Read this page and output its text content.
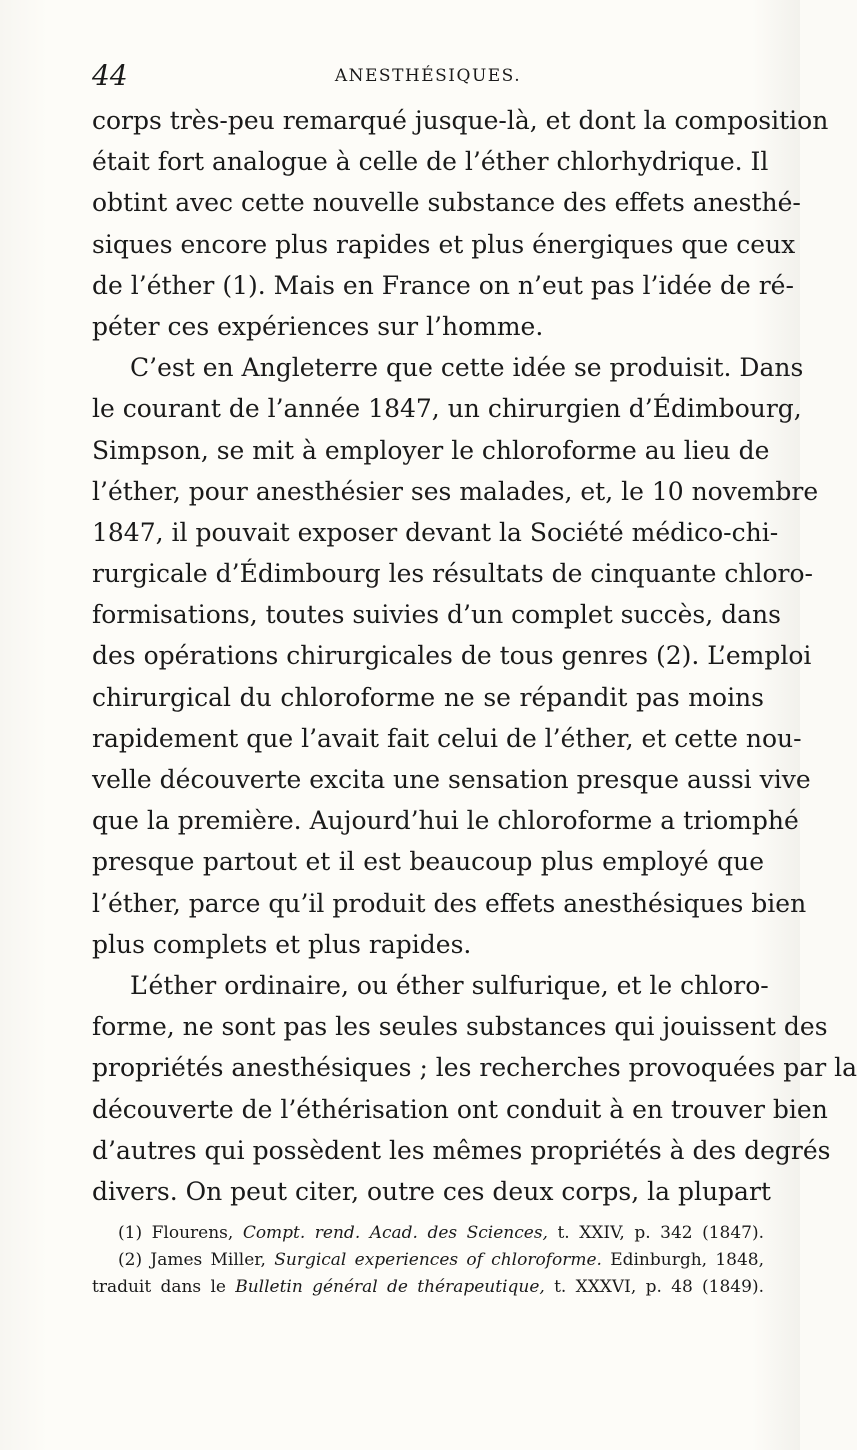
44	ANESTHÉSIQUES.
corps très-peu remarqué jusque-là, et dont la composition
était fort analogue à celle de l’éther chlorhydrique. Il
obtint avec cette nouvelle substance des effets anesthé-
siques encore plus rapides et plus énergiques que ceux
de l’éther (1). Mais en France on n’eut pas l’idée de ré-
péter ces expériences sur l’homme.
C’est en Angleterre que cette idée se produisit. Dans
le courant de l’année 1847, un chirurgien d’Édimbourg,
Simpson, se mit à employer le chloroforme au lieu de
l’éther, pour anesthésier ses malades, et, le 10 novembre
1847, il pouvait exposer devant la Société médico-chi-
rurgicale d’Édimbourg les résultats de cinquante chloro-
formisations, toutes suivies d’un complet succès, dans
des opérations chirurgicales de tous genres (2). L’emploi
chirurgical du chloroforme ne se répandit pas moins
rapidement que l’avait fait celui de l’éther, et cette nou-
velle découverte excita une sensation presque aussi vive
que la première. Aujourd’hui le chloroforme a triomphé
presque partout et il est beaucoup plus employé que
l’éther, parce qu’il produit des effets anesthésiques bien
plus complets et plus rapides.
L’éther ordinaire, ou éther sulfurique, et le chloro-
forme, ne sont pas les seules substances qui jouissent des
propriétés anesthésiques ; les recherches provoquées par la
découverte de l’éthérisation ont conduit à en trouver bien
d’autres qui possèdent les mêmes propriétés à des degrés
divers. On peut citer, outre ces deux corps, la plupart
(1) Flourens, Compt. rend. Acad. des Sciences, t. XXIV, p. 342 (1847).
(2) James Miller, Surgical experiences of chloroforme. Edinburgh, 1848,
traduit dans le Bulletin général de thérapeutique, t. XXXVI, p. 48 (1849).
